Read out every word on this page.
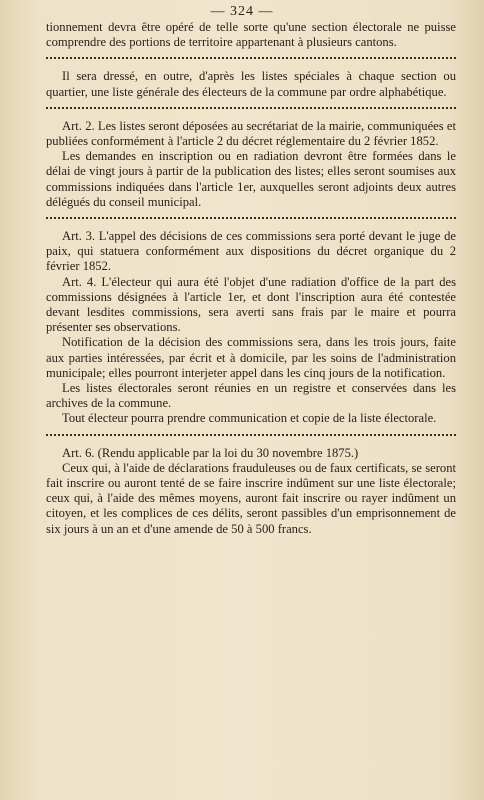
— 324 —

tionnement devra être opéré de telle sorte qu'une section électorale ne puisse comprendre des portions de territoire appartenant à plusieurs cantons.

Il sera dressé, en outre, d'après les listes spéciales à chaque section ou quartier, une liste générale des électeurs de la commune par ordre alphabétique.

Art. 2. Les listes seront déposées au secrétariat de la mairie, communiquées et publiées conformément à l'article 2 du décret réglementaire du 2 février 1852.

Les demandes en inscription ou en radiation devront être formées dans le délai de vingt jours à partir de la publication des listes; elles seront soumises aux commissions indiquées dans l'article 1er, auxquelles seront adjoints deux autres délégués du conseil municipal.

Art. 3. L'appel des décisions de ces commissions sera porté devant le juge de paix, qui statuera conformément aux dispositions du décret organique du 2 février 1852.

Art. 4. L'électeur qui aura été l'objet d'une radiation d'office de la part des commissions désignées à l'article 1er, et dont l'inscription aura été contestée devant lesdites commissions, sera averti sans frais par le maire et pourra présenter ses observations.

Notification de la décision des commissions sera, dans les trois jours, faite aux parties intéressées, par écrit et à domicile, par les soins de l'administration municipale; elles pourront interjeter appel dans les cinq jours de la notification.

Les listes électorales seront réunies en un registre et conservées dans les archives de la commune.

Tout électeur pourra prendre communication et copie de la liste électorale.

Art. 6. (Rendu applicable par la loi du 30 novembre 1875.)

Ceux qui, à l'aide de déclarations frauduleuses ou de faux certificats, se seront fait inscrire ou auront tenté de se faire inscrire indûment sur une liste électorale; ceux qui, à l'aide des mêmes moyens, auront fait inscrire ou rayer indûment un citoyen, et les complices de ces délits, seront passibles d'un emprisonnement de six jours à un an et d'une amende de 50 à 500 francs.
